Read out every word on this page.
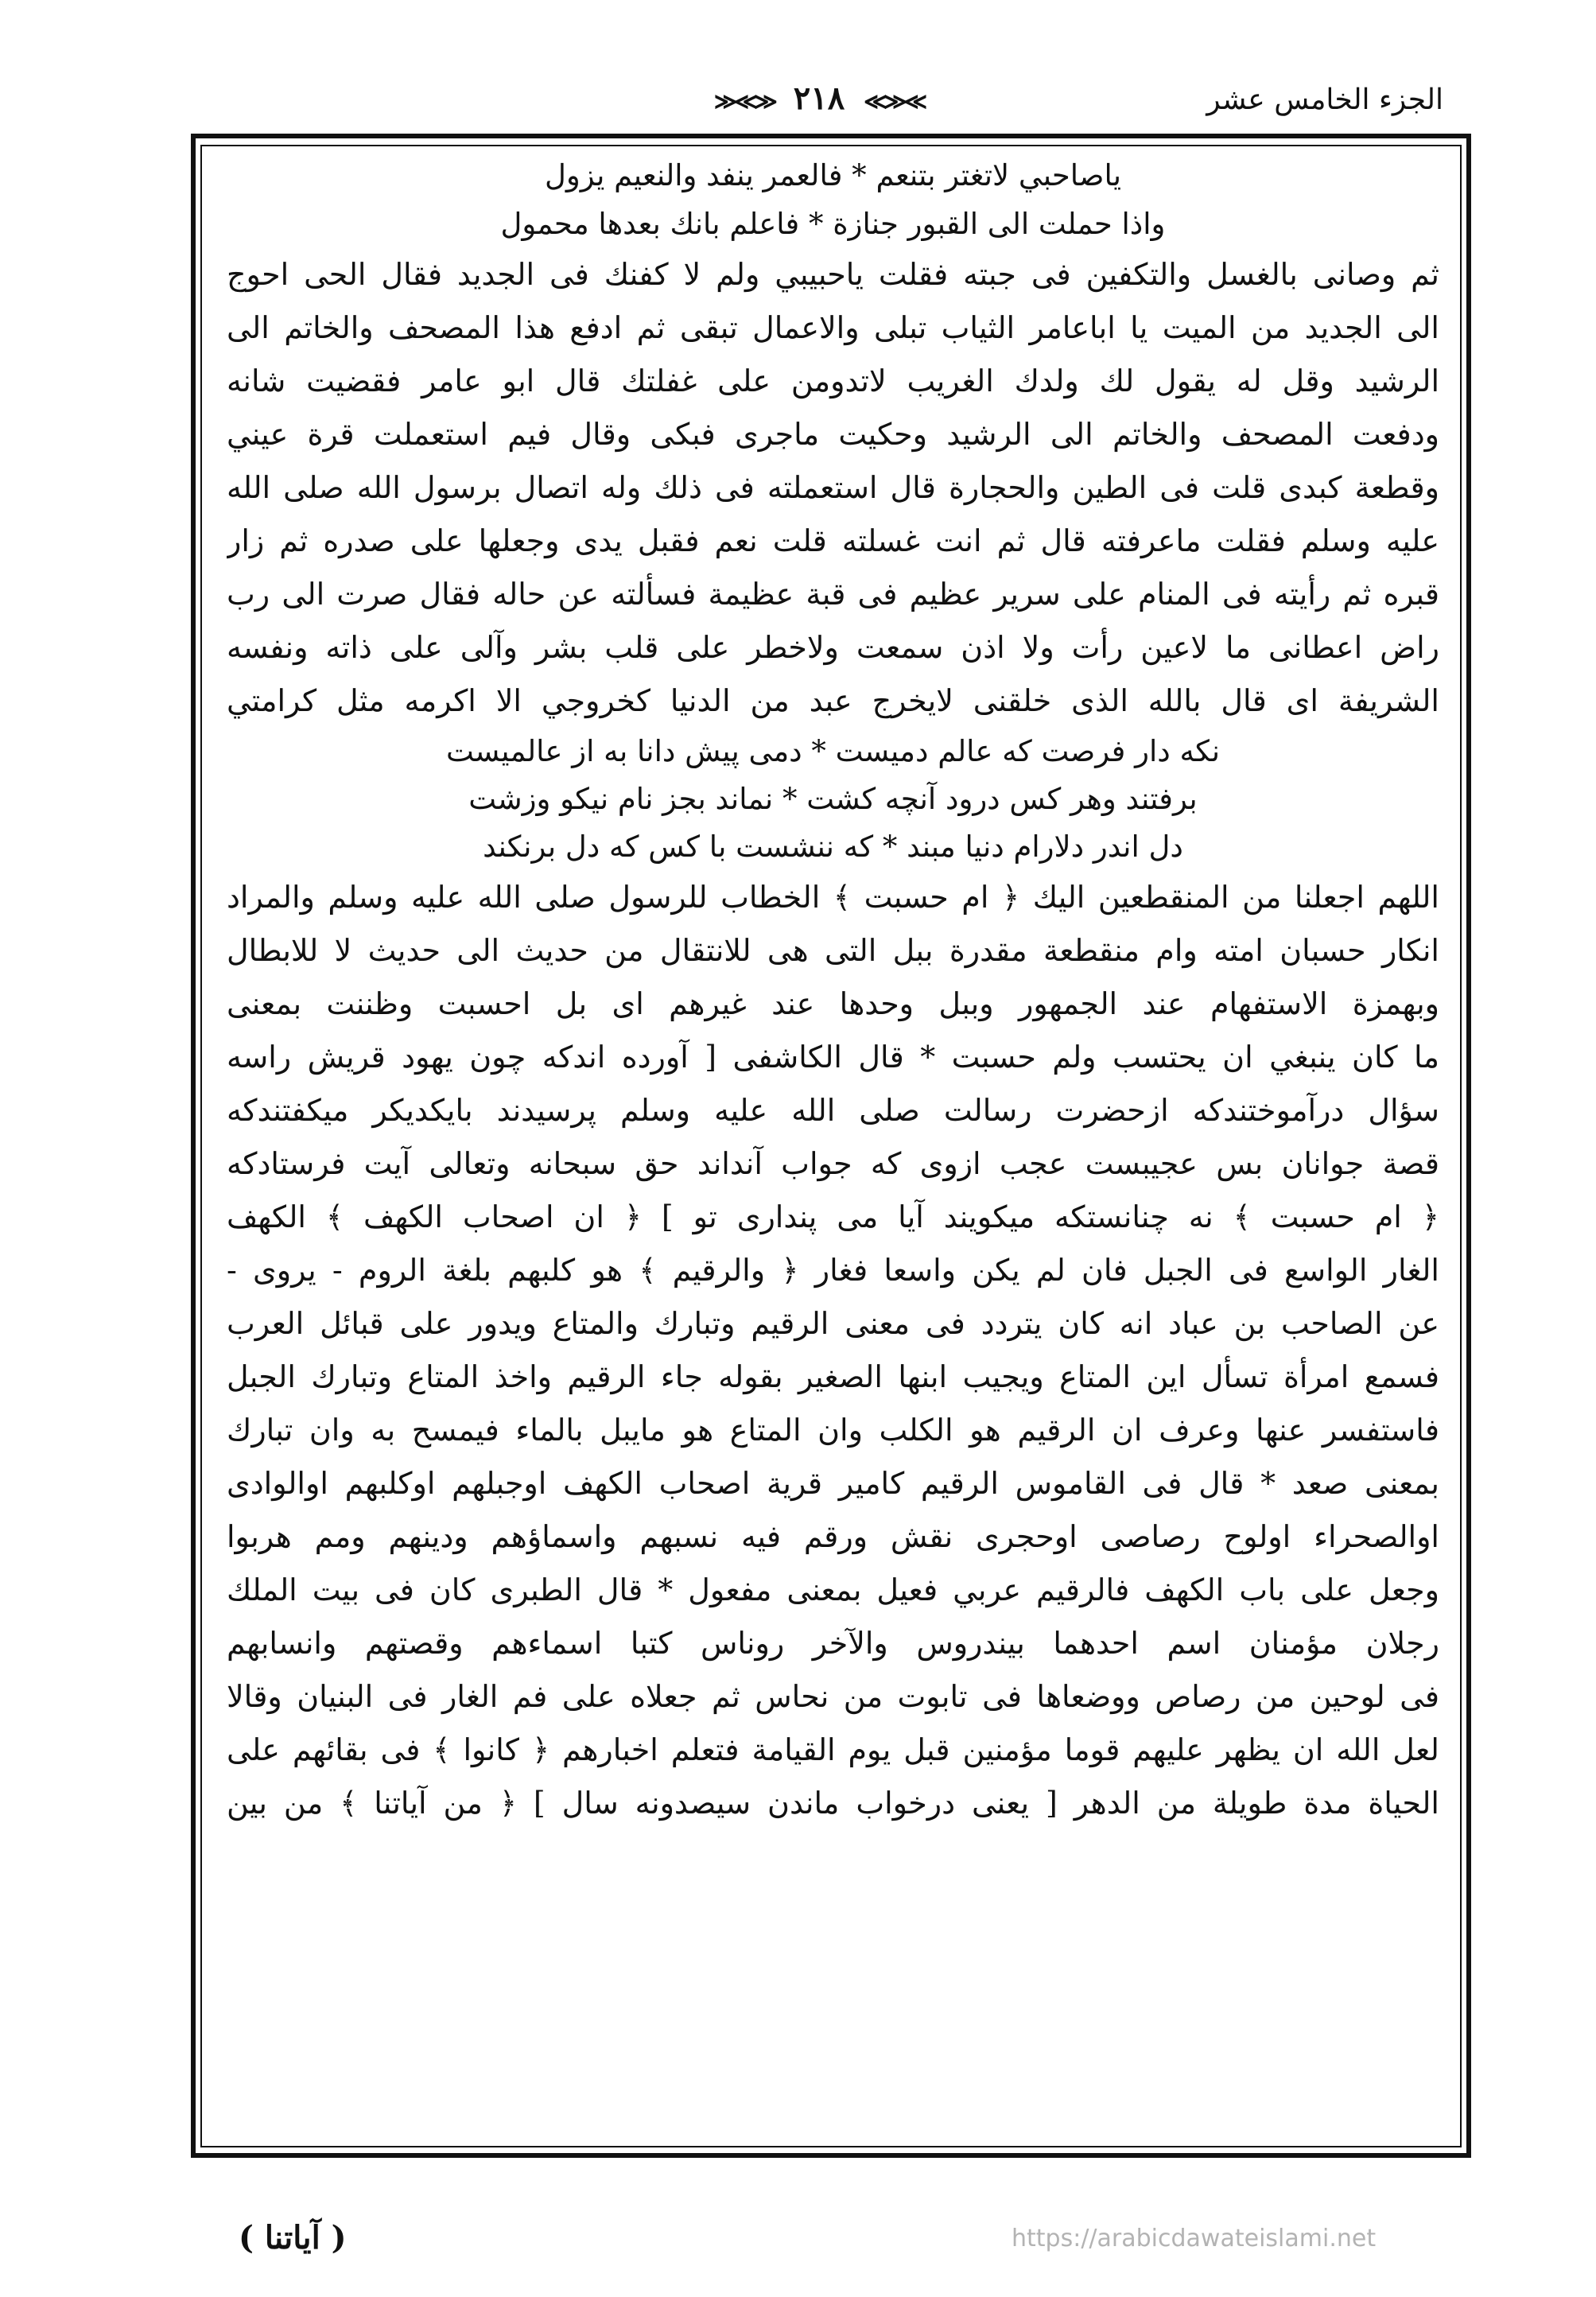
الجزء الخامس عشر
≫≪≫ ٢١٨ ≪≫≪
ياصاحبي لاتغتر بتنعم * فالعمر ينفد والنعيم يزول
واذا حملت الى القبور جنازة * فاعلم بانك بعدها محمول
ثم وصانى بالغسل والتكفين فى جبته فقلت ياحبيبي ولم لا كفنك فى الجديد فقال الحى احوج
الى الجديد من الميت يا اباعامر الثياب تبلى والاعمال تبقى ثم ادفع هذا المصحف والخاتم الى
الرشيد وقل له يقول لك ولدك الغريب لاتدومن على غفلتك قال ابو عامر فقضيت شانه
ودفعت المصحف والخاتم الى الرشيد وحكيت ماجرى فبكى وقال فيم استعملت قرة عيني
وقطعة كبدى قلت فى الطين والحجارة قال استعملته فى ذلك وله اتصال برسول الله صلى الله
عليه وسلم فقلت ماعرفته قال ثم انت غسلته قلت نعم فقبل يدى وجعلها على صدره ثم زار
قبره ثم رأيته فى المنام على سرير عظيم فى قبة عظيمة فسألته عن حاله فقال صرت الى رب
راض اعطانى ما لاعين رأت ولا اذن سمعت ولاخطر على قلب بشر وآلى على ذاته ونفسه
الشريفة اى قال بالله الذى خلقنى لايخرج عبد من الدنيا كخروجي الا اكرمه مثل كرامتي
نكه دار فرصت كه عالم دميست * دمى پيش دانا به از عالميست
برفتند وهر كس درود آنچه كشت * نماند بجز نام نيكو وزشت
دل اندر دلارام دنيا مبند * كه ننشست با كس كه دل برنكند
اللهم اجعلنا من المنقطعين اليك ﴿ ام حسبت ﴾ الخطاب للرسول صلى الله عليه وسلم والمراد
انكار حسبان امته وام منقطعة مقدرة ببل التى هى للانتقال من حديث الى حديث لا للابطال
وبهمزة الاستفهام عند الجمهور وببل وحدها عند غيرهم اى بل احسبت وظننت بمعنى
ما كان ينبغي ان يحتسب ولم حسبت * قال الكاشفى [ آورده اندكه چون يهود قريش راسه
سؤال درآموختندكه ازحضرت رسالت صلى الله عليه وسلم پرسيدند بايكديكر ميكفتندكه
قصة جوانان بس عجيبست عجب ازوى كه جواب آنداند حق سبحانه وتعالى آيت فرستادكه
﴿ ام حسبت ﴾ نه چنانستكه ميكويند آيا مى پندارى تو ] ﴿ ان اصحاب الكهف ﴾ الكهف
الغار الواسع فى الجبل فان لم يكن واسعا فغار ﴿ والرقيم ﴾ هو كلبهم بلغة الروم - يروى -
عن الصاحب بن عباد انه كان يتردد فى معنى الرقيم وتبارك والمتاع ويدور على قبائل العرب
فسمع امرأة تسأل اين المتاع ويجيب ابنها الصغير بقوله جاء الرقيم واخذ المتاع وتبارك الجبل
فاستفسر عنها وعرف ان الرقيم هو الكلب وان المتاع هو مايبل بالماء فيمسح به وان تبارك
بمعنى صعد * قال فى القاموس الرقيم كامير قرية اصحاب الكهف اوجبلهم اوكلبهم اوالوادى
اوالصحراء اولوح رصاصى اوحجرى نقش ورقم فيه نسبهم واسماؤهم ودينهم ومم هربوا
وجعل على باب الكهف فالرقيم عربي فعيل بمعنى مفعول * قال الطبرى كان فى بيت الملك
رجلان مؤمنان اسم احدهما بيندروس والآخر روناس كتبا اسماءهم وقصتهم وانسابهم
فى لوحين من رصاص ووضعاها فى تابوت من نحاس ثم جعلاه على فم الغار فى البنيان وقالا
لعل الله ان يظهر عليهم قوما مؤمنين قبل يوم القيامة فتعلم اخبارهم ﴿ كانوا ﴾ فى بقائهم على
الحياة مدة طويلة من الدهر [ يعنى درخواب ماندن سيصدونه سال ] ﴿ من آياتنا ﴾ من بين
( آياتنا )	https://arabicdawateislami.net
